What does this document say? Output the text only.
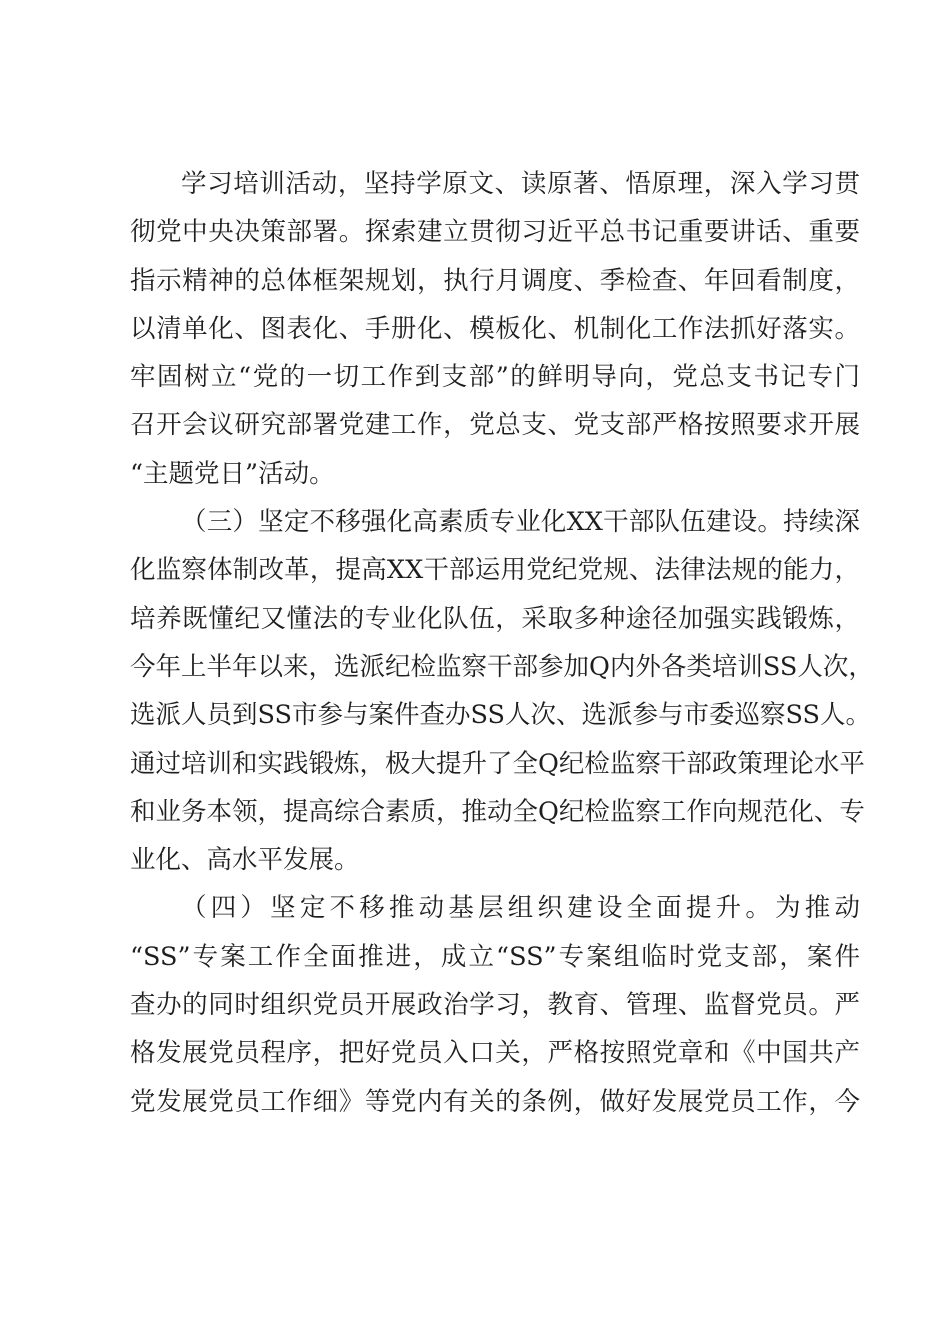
学习培训活动，坚持学原文、读原著、悟原理，深入学习贯
彻党中央决策部署。探索建立贯彻习近平总书记重要讲话、重要
指示精神的总体框架规划，执行月调度、季检查、年回看制度，
以清单化、图表化、手册化、模板化、机制化工作法抓好落实。
牢固树立“党的一切工作到支部”的鲜明导向，党总支书记专门
召开会议研究部署党建工作，党总支、党支部严格按照要求开展
“主题党日”活动。
（三）坚定不移强化高素质专业化XX干部队伍建设。持续深
化监察体制改革，提高XX干部运用党纪党规、法律法规的能力，
培养既懂纪又懂法的专业化队伍，采取多种途径加强实践锻炼，
今年上半年以来，选派纪检监察干部参加Q内外各类培训SS人次，
选派人员到SS市参与案件查办SS人次、选派参与市委巡察SS人。
通过培训和实践锻炼，极大提升了全Q纪检监察干部政策理论水平
和业务本领，提高综合素质，推动全Q纪检监察工作向规范化、专
业化、高水平发展。
（四）坚定不移推动基层组织建设全面提升。为推动
“SS”专案工作全面推进，成立“SS”专案组临时党支部，案件
查办的同时组织党员开展政治学习，教育、管理、监督党员。严
格发展党员程序，把好党员入口关，严格按照党章和《中国共产
党发展党员工作细》等党内有关的条例，做好发展党员工作，今
